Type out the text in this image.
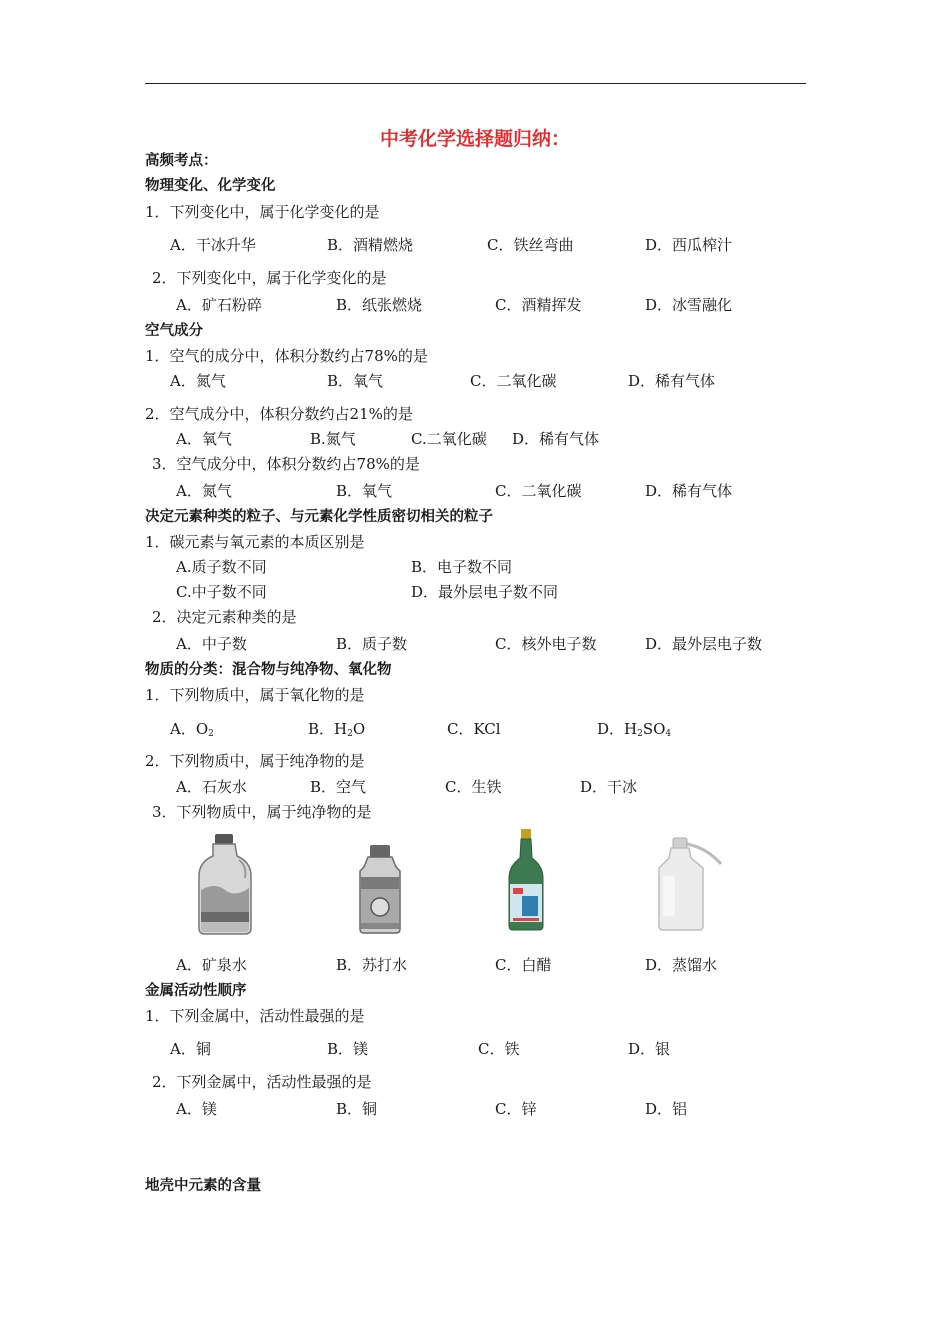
中考化学选择题归纳：
高频考点：
物理变化、化学变化
1．下列变化中，属于化学变化的是
A．干冰升华	B．酒精燃烧	C．铁丝弯曲	D．西瓜榨汁
2．下列变化中，属于化学变化的是
A．矿石粉碎	B．纸张燃烧	C．酒精挥发	D．冰雪融化
空气成分
1．空气的成分中，体积分数约占78%的是
A．氮气	B．氧气	C．二氧化碳	D．稀有气体
2．空气成分中，体积分数约占21%的是
A．氧气	B.氮气	C.二氧化碳 D．稀有气体
3．空气成分中，体积分数约占78%的是
A．氮气	B．氧气	C．二氧化碳	D．稀有气体
决定元素种类的粒子、与元素化学性质密切相关的粒子
1．碳元素与氧元素的本质区别是
A.质子数不同	B．电子数不同
C.中子数不同	D．最外层电子数不同
2．决定元素种类的是
A．中子数	B．质子数	C．核外电子数	D．最外层电子数
物质的分类：混合物与纯净物、氧化物
1．下列物质中，属于氧化物的是
A．$O_2$	B．$H_2O$	C．KCl	D．$H_2SO_4$
2．下列物质中，属于纯净物的是
A．石灰水	B．空气	C．生铁	D．干冰
3．下列物质中，属于纯净物的是
A．矿泉水	B．苏打水	C．白醋	D．蒸馏水
金属活动性顺序
1．下列金属中，活动性最强的是
A．铜	B．镁	C．铁	D．银
2．下列金属中，活动性最强的是
A．镁	B．铜	C．锌	D．铝
地壳中元素的含量
